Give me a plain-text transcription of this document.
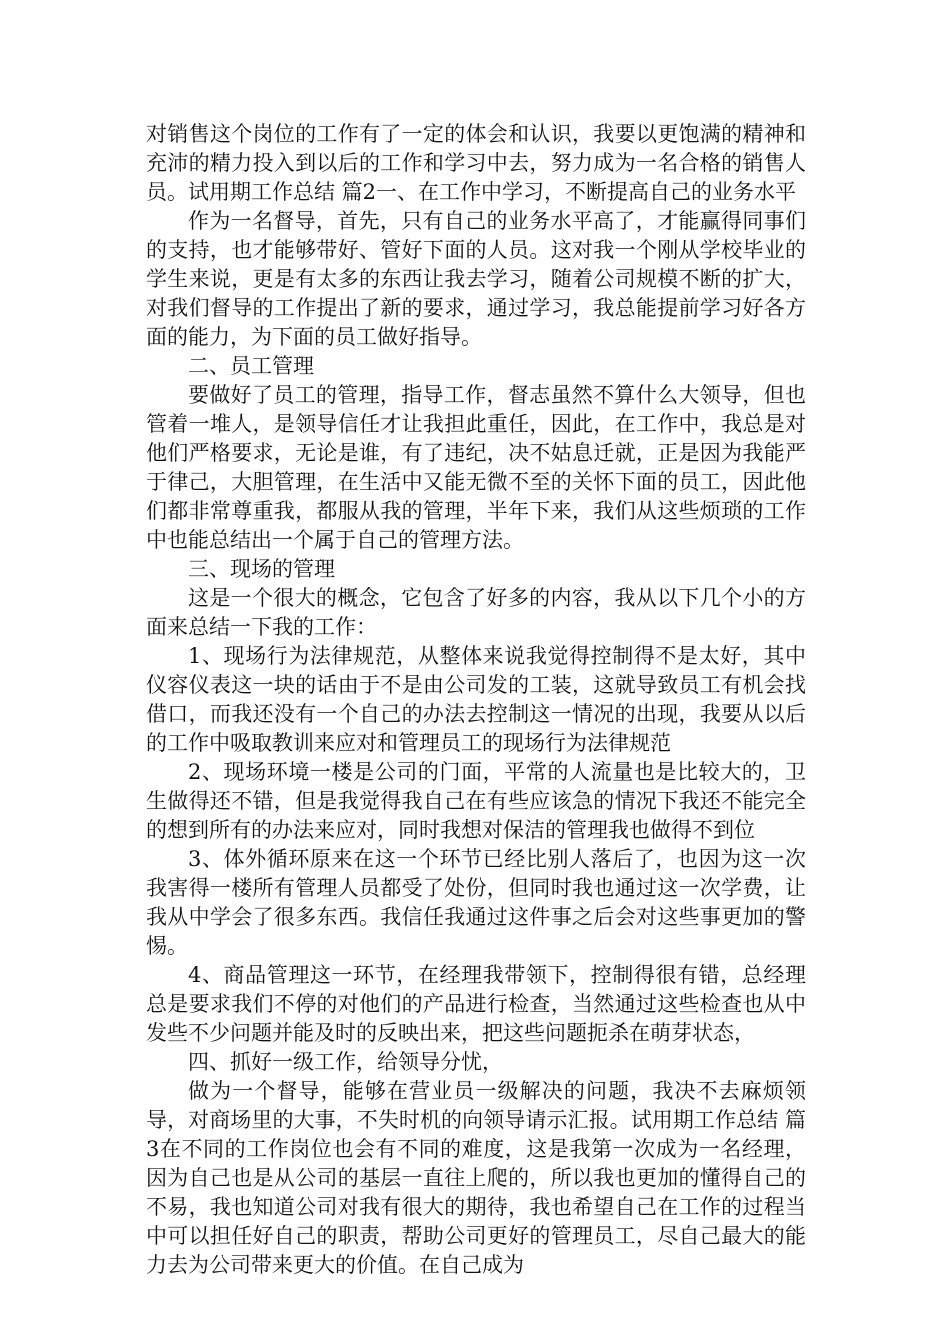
对销售这个岗位的工作有了一定的体会和认识，我要以更饱满的精神和充沛的精力投入到以后的工作和学习中去，努力成为一名合格的销售人员。试用期工作总结 篇2一、在工作中学习，不断提高自己的业务水平

作为一名督导，首先，只有自己的业务水平高了，才能赢得同事们的支持，也才能够带好、管好下面的人员。这对我一个刚从学校毕业的学生来说，更是有太多的东西让我去学习，随着公司规模不断的扩大，对我们督导的工作提出了新的要求，通过学习，我总能提前学习好各方面的能力，为下面的员工做好指导。

二、员工管理

要做好了员工的管理，指导工作，督志虽然不算什么大领导，但也管着一堆人，是领导信任才让我担此重任，因此，在工作中，我总是对他们严格要求，无论是谁，有了违纪，决不姑息迁就，正是因为我能严于律己，大胆管理，在生活中又能无微不至的关怀下面的员工，因此他们都非常尊重我，都服从我的管理，半年下来，我们从这些烦琐的工作中也能总结出一个属于自己的管理方法。

三、现场的管理

这是一个很大的概念，它包含了好多的内容，我从以下几个小的方面来总结一下我的工作：

1、现场行为法律规范，从整体来说我觉得控制得不是太好，其中仪容仪表这一块的话由于不是由公司发的工装，这就导致员工有机会找借口，而我还没有一个自己的办法去控制这一情况的出现，我要从以后的工作中吸取教训来应对和管理员工的现场行为法律规范

2、现场环境一楼是公司的门面，平常的人流量也是比较大的，卫生做得还不错，但是我觉得我自己在有些应该急的情况下我还不能完全的想到所有的办法来应对，同时我想对保洁的管理我也做得不到位

3、体外循环原来在这一个环节已经比别人落后了，也因为这一次我害得一楼所有管理人员都受了处份，但同时我也通过这一次学费，让我从中学会了很多东西。我信任我通过这件事之后会对这些事更加的警惕。

4、商品管理这一环节，在经理我带领下，控制得很有错，总经理总是要求我们不停的对他们的产品进行检查，当然通过这些检查也从中发些不少问题并能及时的反映出来，把这些问题扼杀在萌芽状态，

四、抓好一级工作，给领导分忧，

做为一个督导，能够在营业员一级解决的问题，我决不去麻烦领导，对商场里的大事，不失时机的向领导请示汇报。试用期工作总结 篇3在不同的工作岗位也会有不同的难度，这是我第一次成为一名经理，因为自己也是从公司的基层一直往上爬的，所以我也更加的懂得自己的不易，我也知道公司对我有很大的期待，我也希望自己在工作的过程当中可以担任好自己的职责，帮助公司更好的管理员工，尽自己最大的能力去为公司带来更大的价值。在自己成为
